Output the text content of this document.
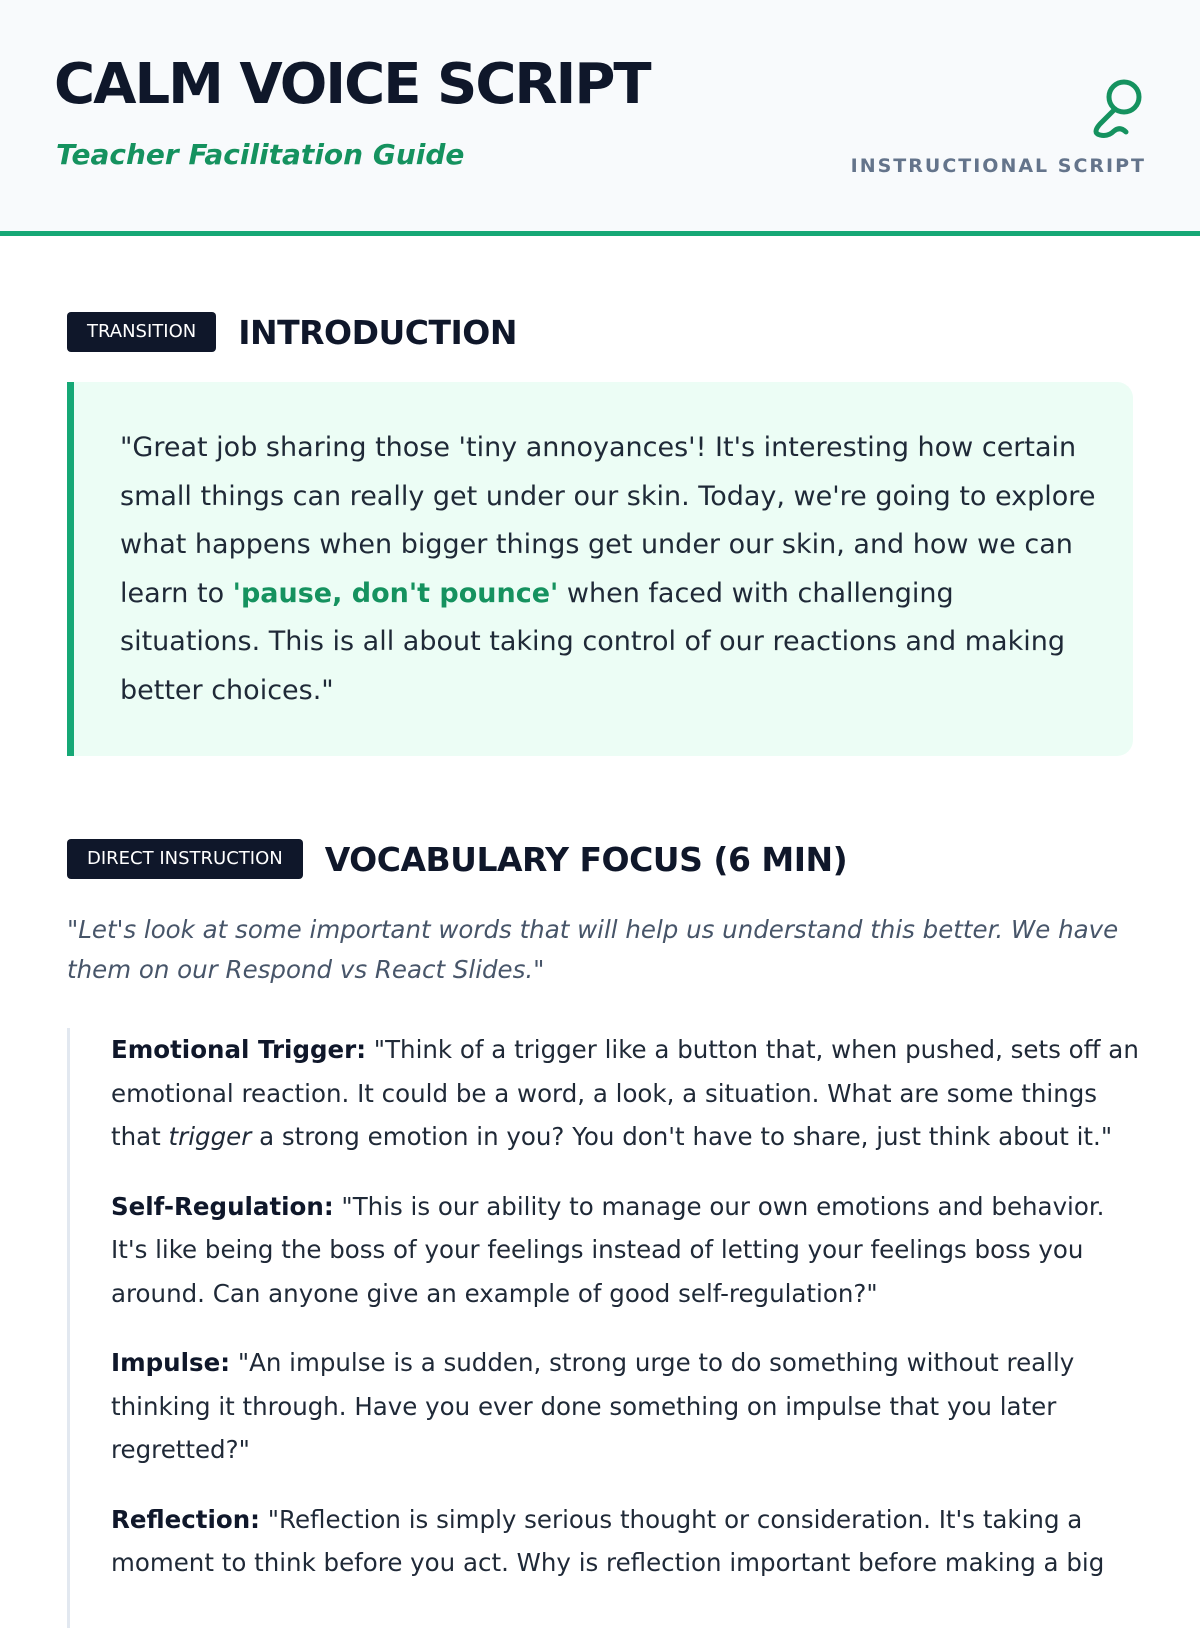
CALM VOICE SCRIPT
Teacher Facilitation Guide	INSTRUCTIONAL SCRIPT
TRANSITION	INTRODUCTION
"Great job sharing those 'tiny annoyances'! It's interesting how certain small things can really get under our skin. Today, we're going to explore what happens when bigger things get under our skin, and how we can learn to 'pause, don't pounce' when faced with challenging situations. This is all about taking control of our reactions and making better choices."
DIRECT INSTRUCTION	VOCABULARY FOCUS (6 MIN)
"Let's look at some important words that will help us understand this better. We have them on our Respond vs React Slides."

Emotional Trigger: "Think of a trigger like a button that, when pushed, sets off an emotional reaction. It could be a word, a look, a situation. What are some things that trigger a strong emotion in you? You don't have to share, just think about it."

Self-Regulation: "This is our ability to manage our own emotions and behavior. It's like being the boss of your feelings instead of letting your feelings boss you around. Can anyone give an example of good self-regulation?"

Impulse: "An impulse is a sudden, strong urge to do something without really thinking it through. Have you ever done something on impulse that you later regretted?"

Reflection: "Reflection is simply serious thought or consideration. It's taking a moment to think before you act. Why is reflection important before making a big
